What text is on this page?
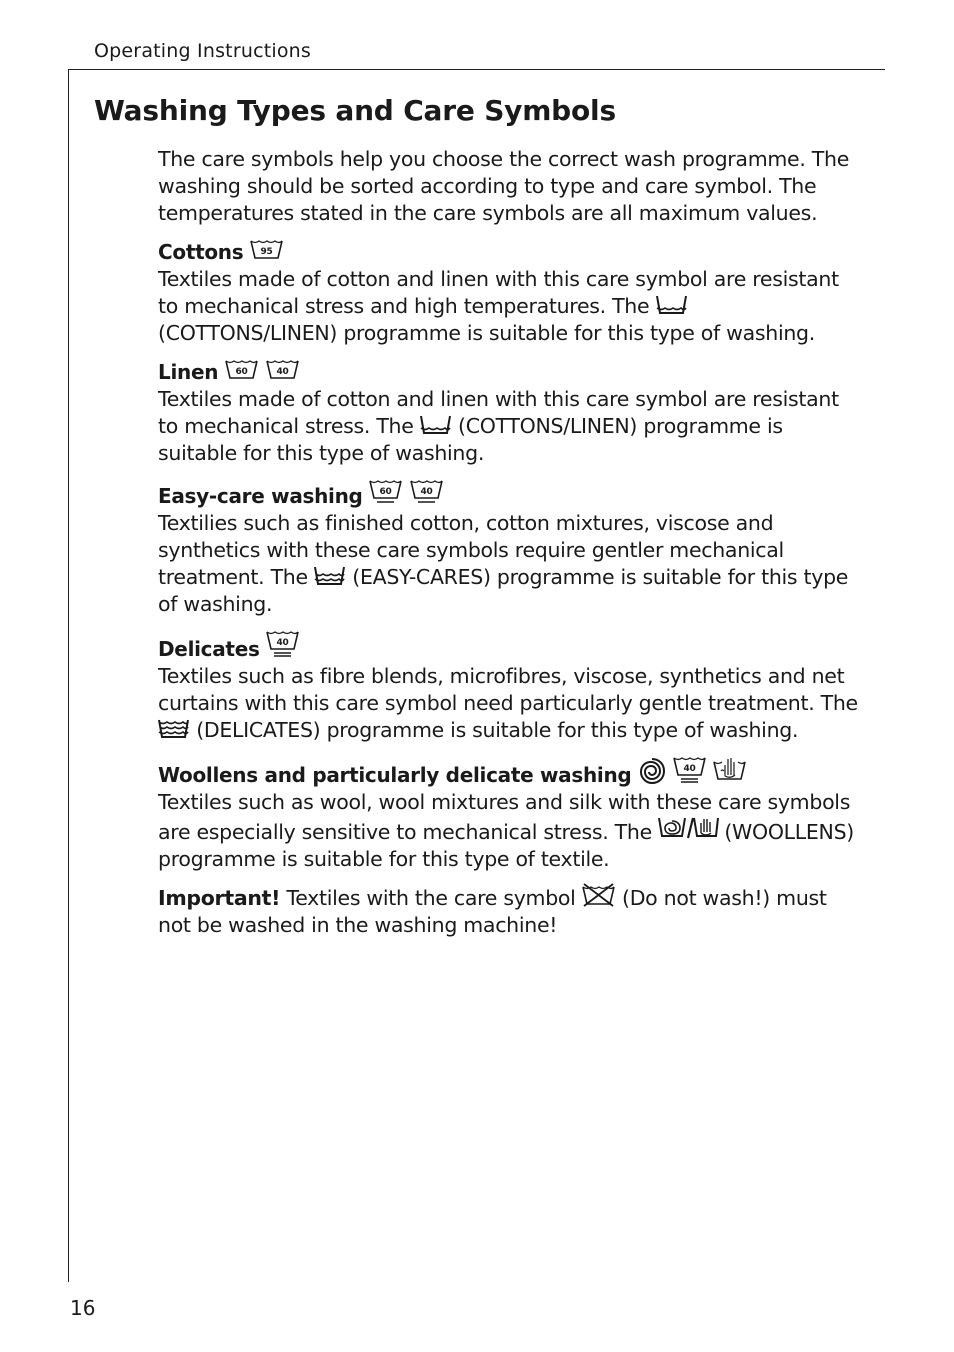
Operating Instructions
Washing Types and Care Symbols

The care symbols help you choose the correct wash programme. The washing should be sorted according to type and care symbol. The temperatures stated in the care symbols are all maximum values.

Cottons 95

Textiles made of cotton and linen with this care symbol are resistant to mechanical stress and high temperatures. The
(COTTONS/LINEN) programme is suitable for this type of washing.

Linen 60
	40

Textiles made of cotton and linen with this care symbol are resistant to mechanical stress. The (COTTONS/LINEN) programme is suitable for this type of washing.

Easy-care washing 60
	40

Textilies such as finished cotton, cotton mixtures, viscose and synthetics with these care symbols require gentler mechanical treatment. The (EASY-CARES) programme is suitable for this type of washing.

Delicates 40

Textiles such as fibre blends, microfibres, viscose, synthetics and net curtains with this care symbol need particularly gentle treatment. The
(DELICATES) programme is suitable for this type of washing.

Woollens and particularly delicate washing
	40

Textiles such as wool, wool mixtures and silk with these care symbols are especially sensitive to mechanical stress. The	(WOOLLENS) programme is suitable for this type of textile.

Important! Textiles with the care symbol (Do not wash!) must not be washed in the washing machine!

16
